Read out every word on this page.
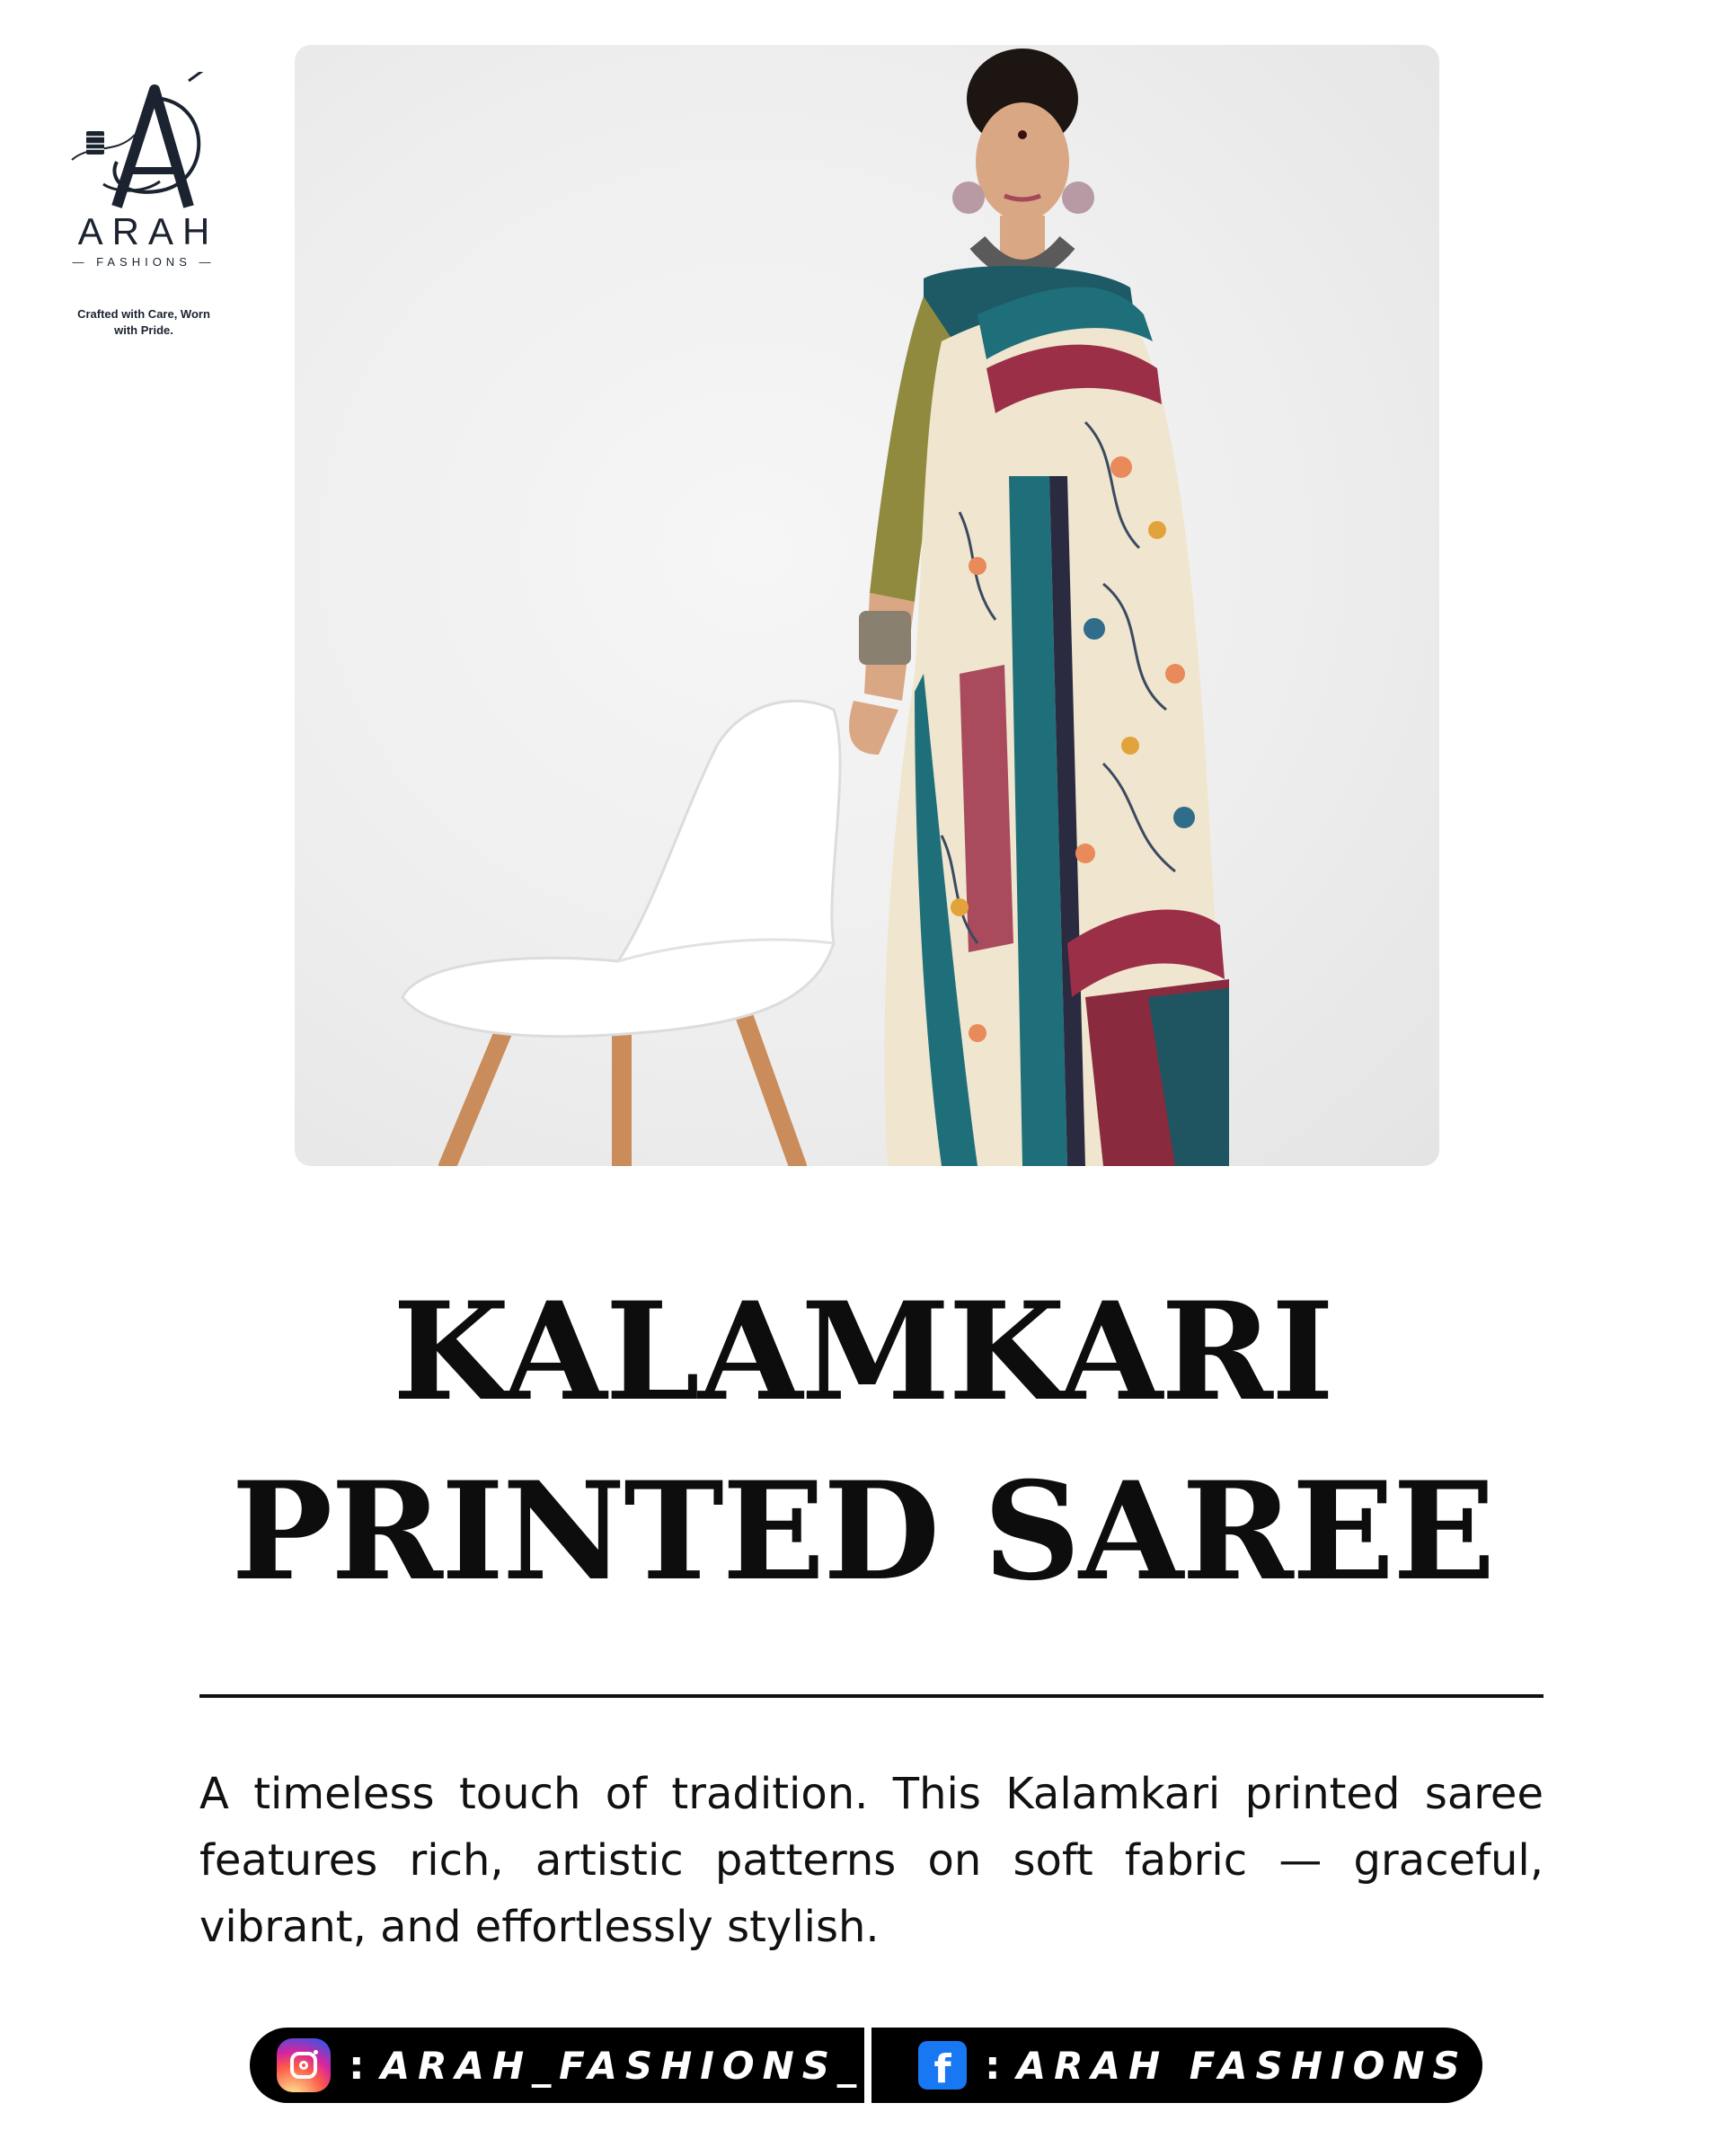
ARAH
— FASHIONS —
Crafted with Care, Worn with Pride.
KALAMKARI
PRINTED SAREE
A timeless touch of tradition. This Kalamkari printed saree features rich, artistic patterns on soft fabric — graceful, vibrant, and effortlessly stylish.
: ARAH_FASHIONS_	f : ARAH FASHIONS
